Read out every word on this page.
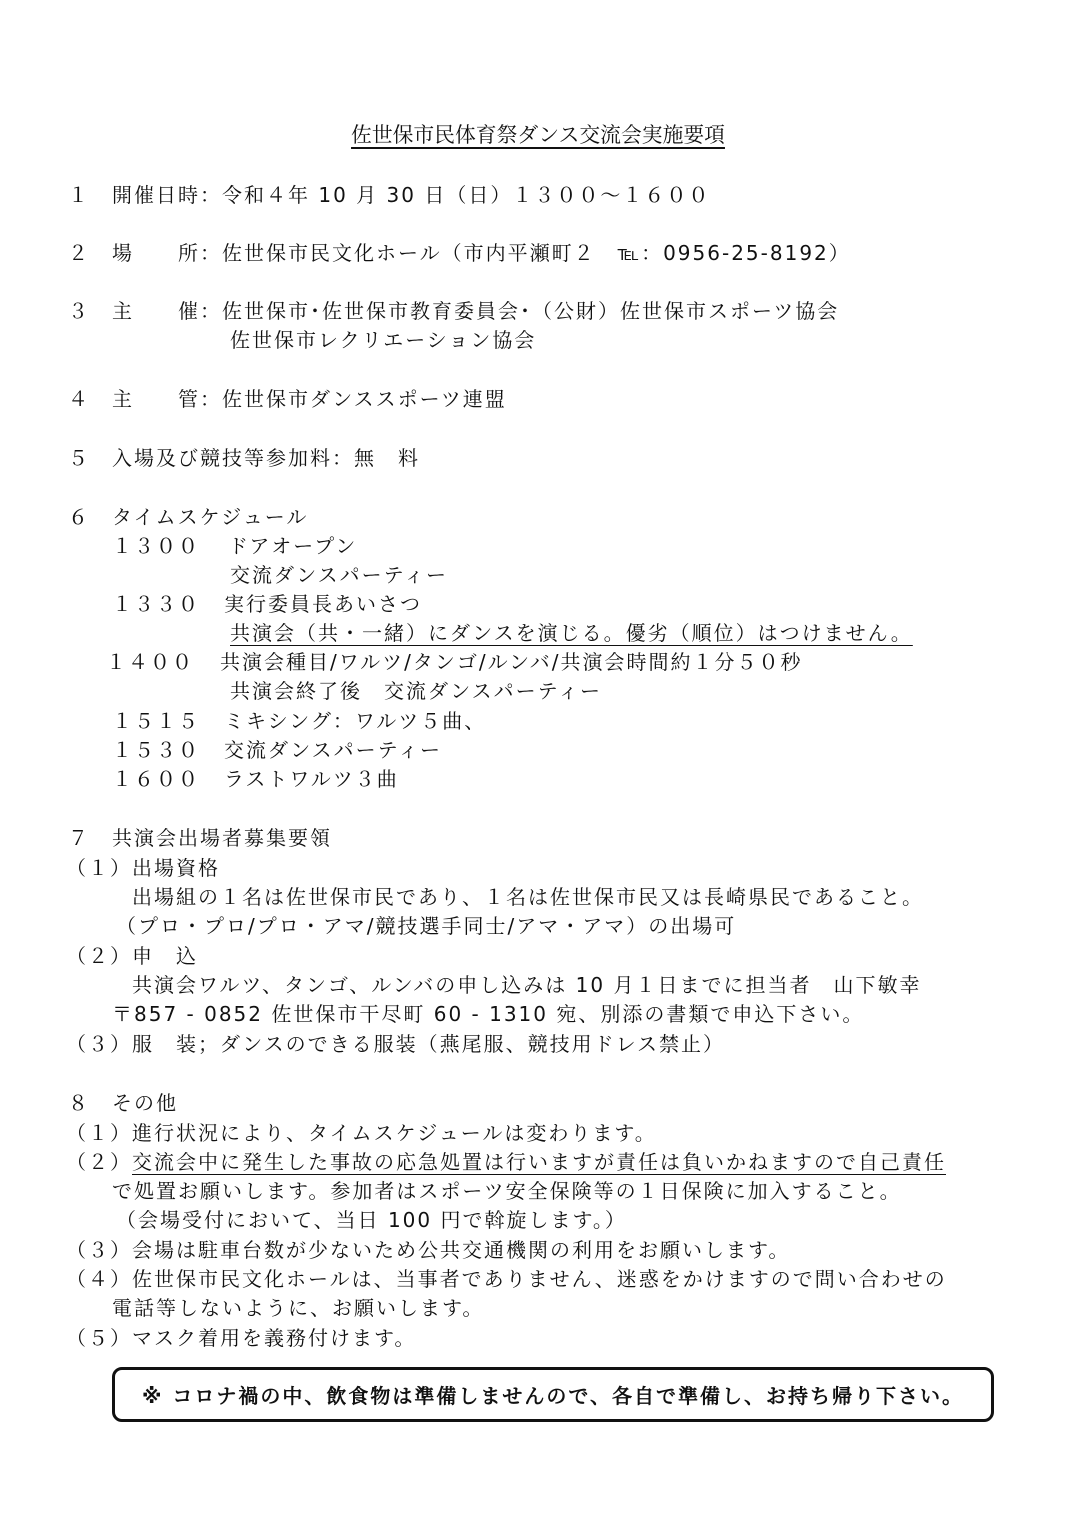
佐世保市民体育祭ダンス交流会実施要項
１ 開催日時：令和４年 10 月 30 日（日）１３００～１６００
２ 場　　所：佐世保市民文化ホール（市内平瀬町２　℡：0956-25-8192）
３ 主　　催：佐世保市･佐世保市教育委員会･（公財）佐世保市スポーツ協会
佐世保市レクリエーション協会
４ 主　　管：佐世保市ダンススポーツ連盟
５ 入場及び競技等参加料：無　料
６ タイムスケジュール
１３００ ドアオープン
交流ダンスパーティー
１３３０ 実行委員長あいさつ
共演会（共・一緒）にダンスを演じる。優劣（順位）はつけません。
１４００ 共演会種目/ワルツ/タンゴ/ルンバ/共演会時間約１分５０秒
共演会終了後　交流ダンスパーティー
１５１５ ミキシング：ワルツ５曲、
１５３０ 交流ダンスパーティー
１６００ ラストワルツ３曲
７ 共演会出場者募集要領
（１）出場資格
出場組の１名は佐世保市民であり、１名は佐世保市民又は長崎県民であること。
（プロ・プロ/プロ・アマ/競技選手同士/アマ・アマ）の出場可
（２）申　込
共演会ワルツ、タンゴ、ルンバの申し込みは 10 月１日までに担当者　山下敏幸
〒857 - 0852 佐世保市干尽町 60 - 1310 宛、別添の書類で申込下さい。
（３）服　装；ダンスのできる服装（燕尾服、競技用ドレス禁止）
８ その他
（１）進行状況により、タイムスケジュールは変わります。
（２）交流会中に発生した事故の応急処置は行いますが責任は負いかねますので自己責任
で処置お願いします。参加者はスポーツ安全保険等の１日保険に加入すること。
（会場受付において、当日 100 円で斡旋します。）
（３）会場は駐車台数が少ないため公共交通機関の利用をお願いします。
（４）佐世保市民文化ホールは、当事者でありません、迷惑をかけますので問い合わせの
電話等しないように、お願いします。
（５）マスク着用を義務付けます。
※ コロナ禍の中、飲食物は準備しませんので、各自で準備し、お持ち帰り下さい。
